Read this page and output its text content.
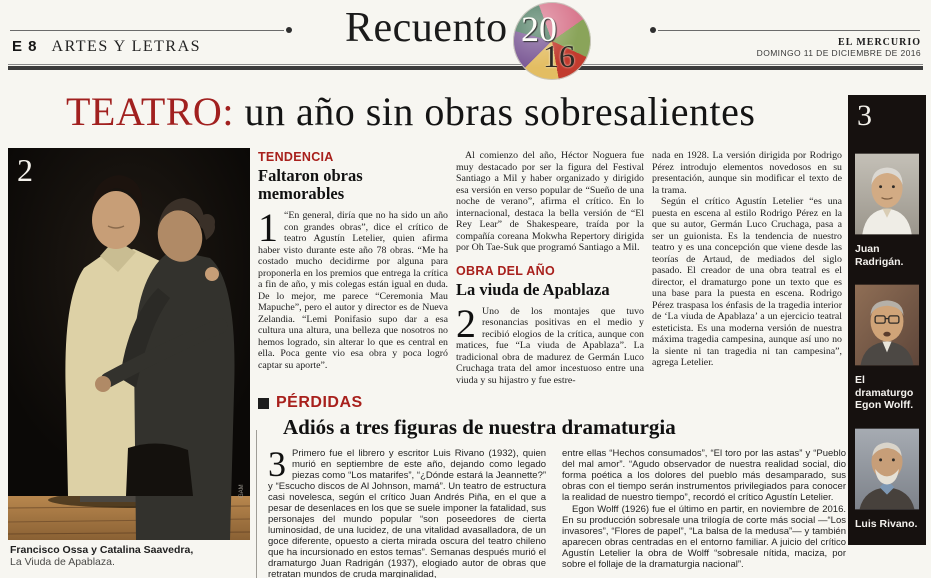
E 8 ARTES Y LETRAS	Recuento 20
16	EL MERCURIO
DOMINGO 11 DE DICIEMBRE DE 2016
TEATRO: un año sin obras sobresalientes
2
GAM
Francisco Ossa y Catalina Saavedra,
La Viuda de Apablaza.
TENDENCIA
Faltaron obras memorables

1 “En general, diría que no ha sido un año con grandes obras”, dice el crítico de teatro Agustín Letelier, quien afirma haber visto durante este año 78 obras. “Me ha costado mucho decidirme por alguna para proponerla en los premios que entrega la crítica a fin de año, y mis colegas están igual en duda. De lo mejor, me parece “Ceremonia Mau Mapuche”, pero el autor y director es de Nueva Zelandia. “Lemi Ponifasio supo dar a esa cultura una altura, una belleza que nosotros no hemos logrado, sin alterar lo que es central en ella. Poca gente vio esa obra y poca logró captar su aporte”.

Al comienzo del año, Héctor Noguera fue muy destacado por ser la figura del Festival Santiago a Mil y haber organizado y dirigido esa versión en verso popular de “Sueño de una noche de verano”, afirma el crítico. En lo internacional, destaca la bella versión de “El Rey Lear” de Shakespeare, traída por la compañía coreana Mokwha Repertory dirigida por Oh Tae-Suk que programó Santiago a Mil.

OBRA DEL AÑO
La viuda de Apablaza

2 Uno de los montajes que tuvo resonancias positivas en el medio y recibió elogios de la crítica, aunque con matices, fue “La viuda de Apablaza”. La tradicional obra de madurez de Germán Luco Cruchaga trata del amor incestuoso entre una viuda y su hijastro y fue estre-

nada en 1928. La versión dirigida por Rodrigo Pérez introdujo elementos novedosos en su presentación, aunque sin modificar el texto de la trama.

Según el crítico Agustín Letelier “es una puesta en escena al estilo Rodrigo Pérez en la que su autor, Germán Luco Cruchaga, pasa a ser un guionista. Es la tendencia de nuestro teatro y es una concepción que viene desde las teorías de Artaud, de mediados del siglo pasado. El creador de una obra teatral es el director, el dramaturgo pone un texto que es una base para la puesta en escena. Rodrigo Pérez traspasa los énfasis de la tragedia interior de ‘La viuda de Apablaza’ a un ejercicio teatral esteticista. Es una moderna versión de nuestra máxima tragedia campesina, aunque así uno no la siente ni tan tragedia ni tan campesina”, agrega Letelier.

PÉRDIDAS
Adiós a tres figuras de nuestra dramaturgia

3 Primero fue el librero y escritor Luis Rivano (1932), quien murió en septiembre de este año, dejando como legado piezas como “Los matarifes”, “¿Dónde estará la Jeannette?” y “Escucho discos de Al Johnson, mamá”. Un teatro de estructura casi novelesca, según el crítico Juan Andrés Piña, en el que a pesar de desenlaces en los que se suele imponer la fatalidad, sus personajes del mundo popular “son poseedores de cierta luminosidad, de una lucidez, de una vitalidad avasalladora, de un goce diferente, opuesto a cierta mirada oscura del teatro chileno que ha incursionado en estos temas”. Semanas después murió el dramaturgo Juan Radrigán (1937), elogiado autor de obras que retratan mundos de cruda marginalidad,

entre ellas “Hechos consumados”, “El toro por las astas” y “Pueblo del mal amor”. “Agudo observador de nuestra realidad social, dio forma poética a los dolores del pueblo más desamparado, sus obras con el tiempo serán instrumentos privilegiados para conocer la realidad de nuestro tiempo”, recordó el crítico Agustín Letelier.

Egon Wolff (1926) fue el último en partir, en noviembre de 2016. En su producción sobresale una trilogía de corte más social —“Los invasores”, “Flores de papel”, “La balsa de la medusa”— y también aparecen obras centradas en el entorno familiar. A juicio del crítico Agustín Letelier la obra de Wolff “sobresale nítida, maciza, por sobre el follaje de la dramaturgia nacional”.

3
Juan Radrigán.
El dramaturgo Egon Wolff.
Luis Rivano.
